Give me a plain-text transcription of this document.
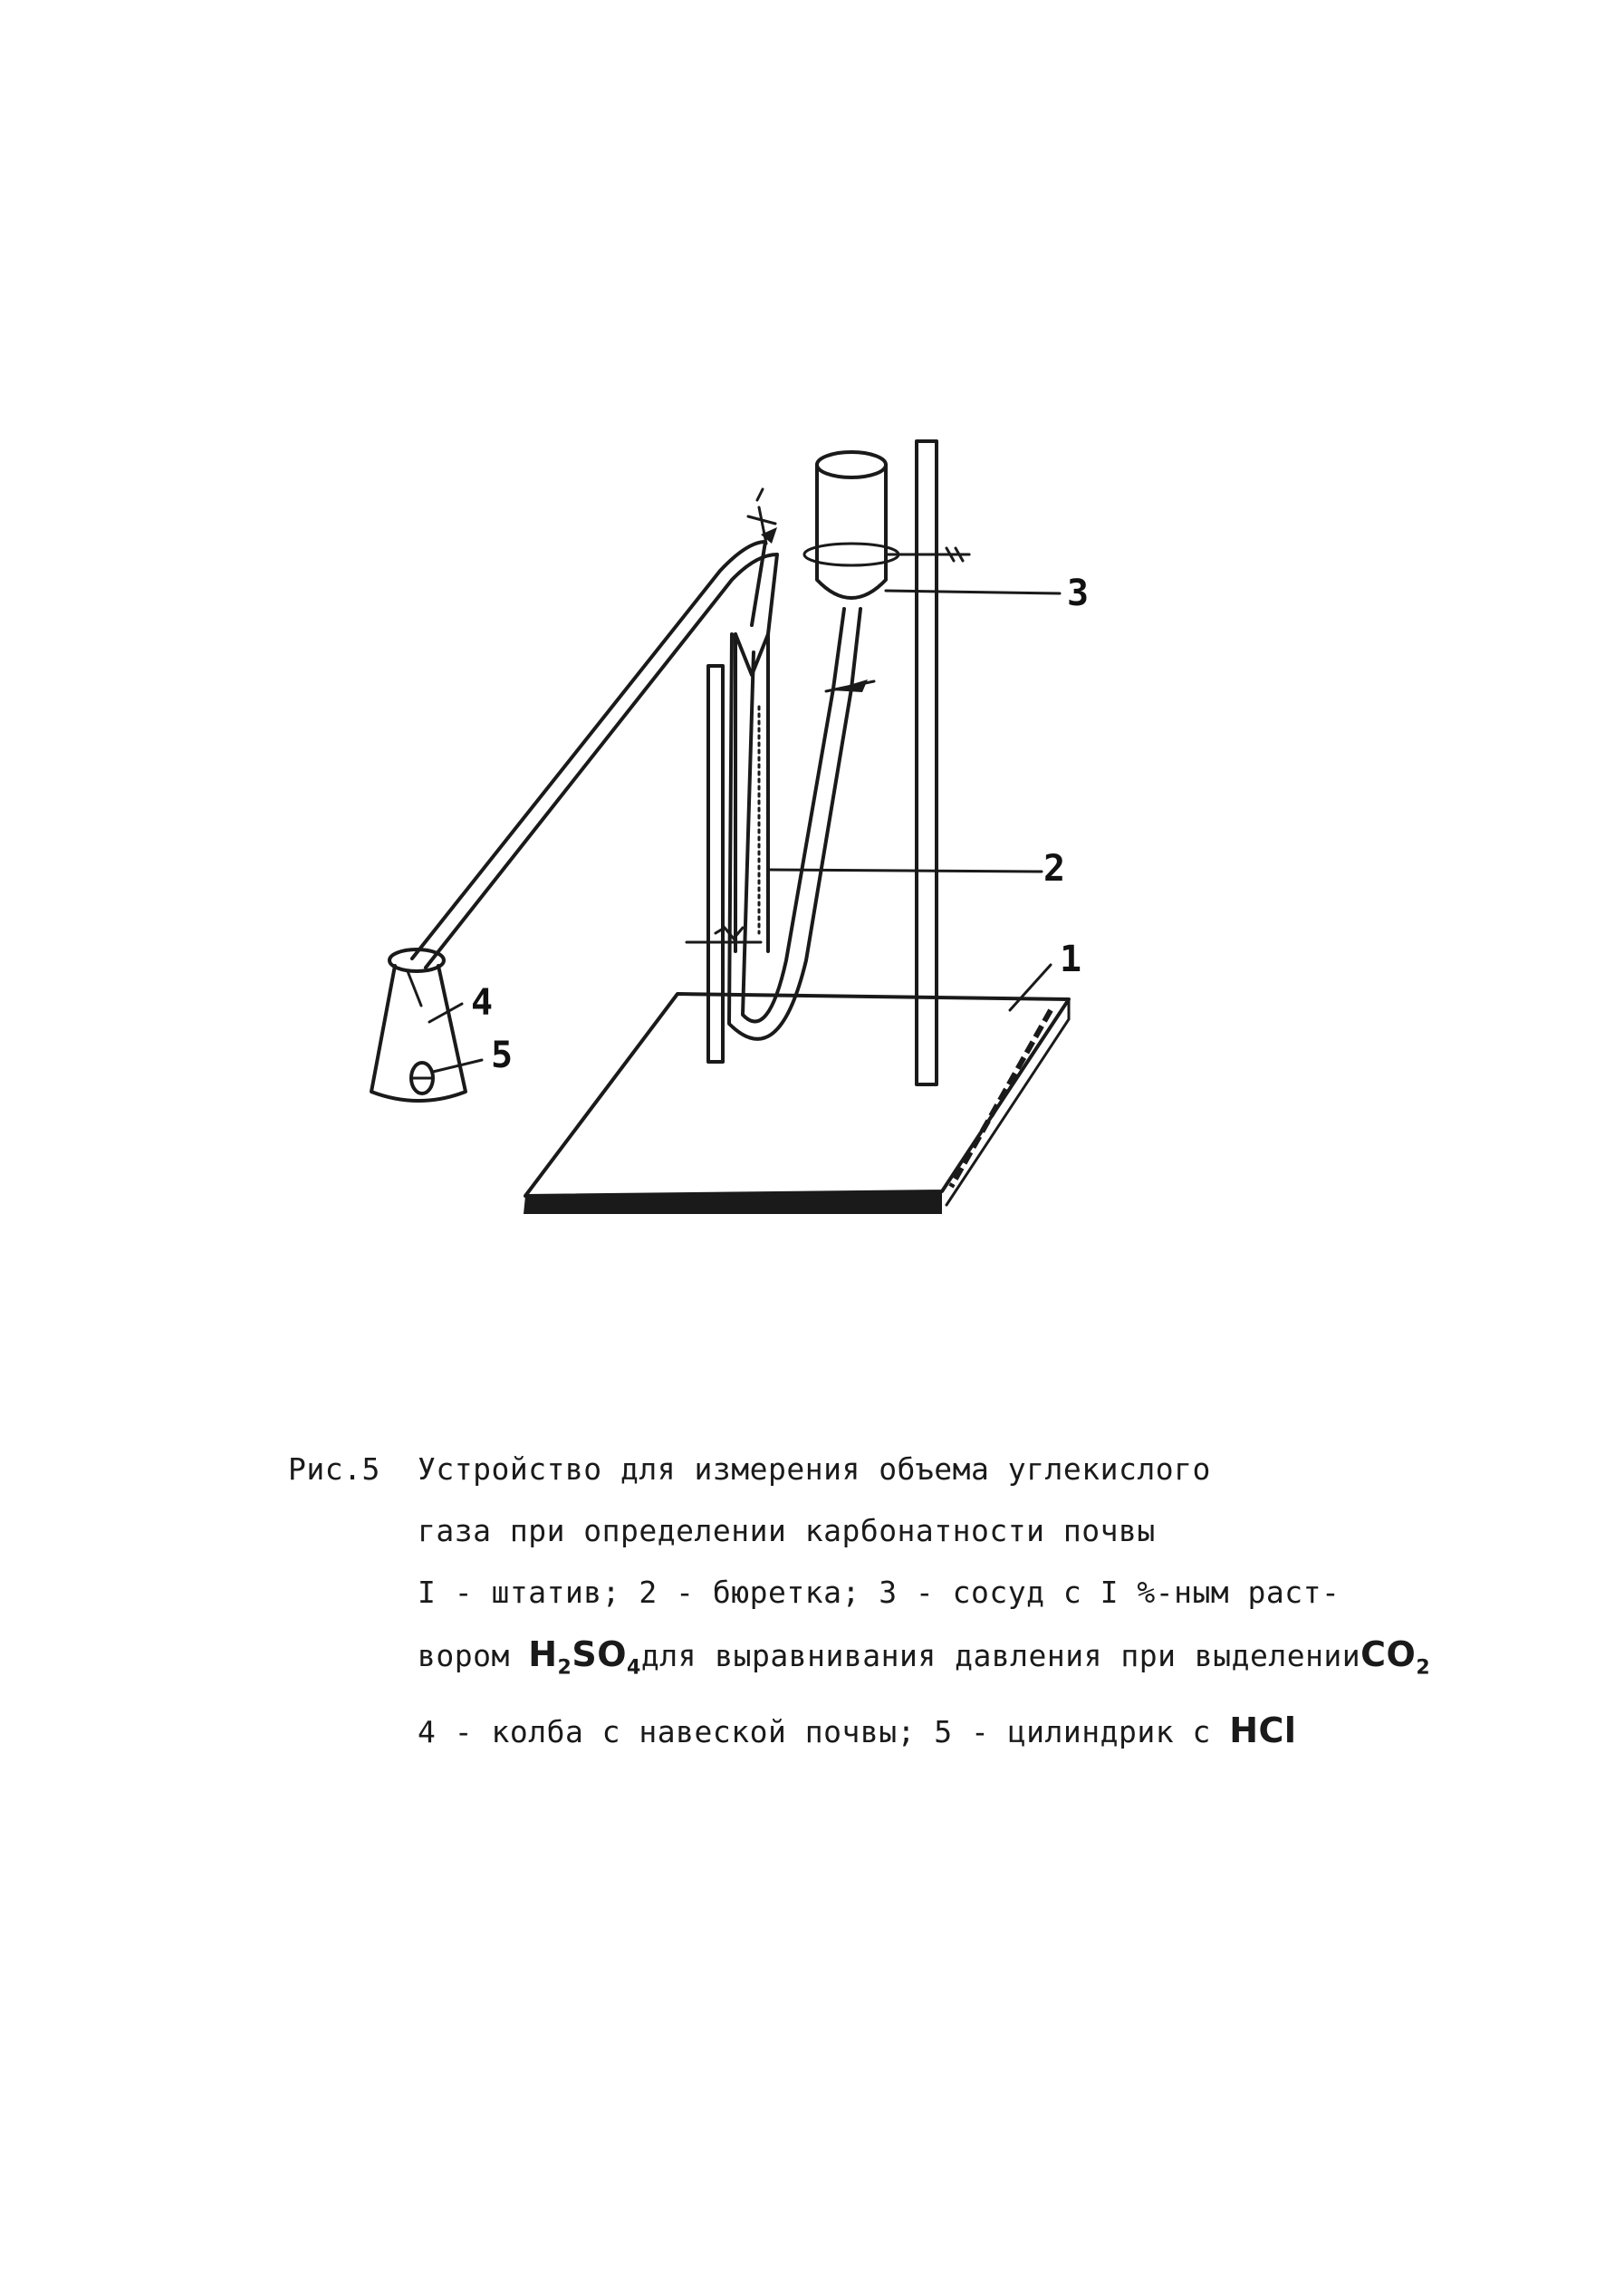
3
2
1
4
5
Рис.5 Устройство для измерения объема углекислого
газа при определении карбонатности почвы
I - штатив; 2 - бюретка; 3 - сосуд с I %-ным раст-
вором $H_2SO_4для$ выравнивания давления при выделенииCO$_2$
4 - колба с навеской почвы; 5 - цилиндрик с HCl
